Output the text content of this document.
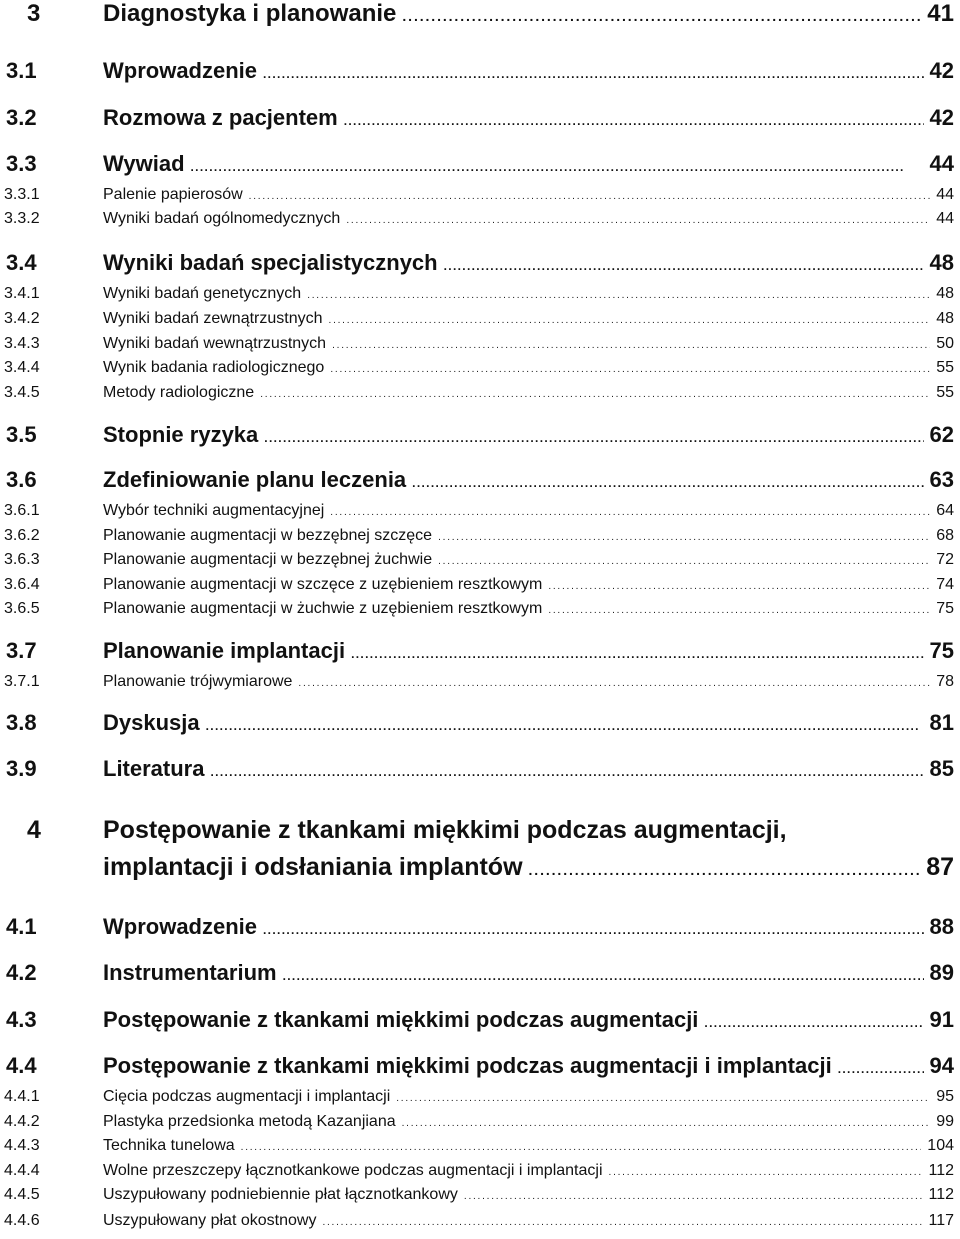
3	Diagnostyka i planowanie . . .	41
3.1	Wprowadzenie . . .	42
3.2	Rozmowa z pacjentem . . .	42
3.3	Wywiad . . .	44
3.3.1	Palenie papierosów . . .	44
3.3.2	Wyniki badań ogólnomedycznych . . .	44
3.4	Wyniki badań specjalistycznych . . .	48
3.4.1	Wyniki badań genetycznych . . .	48
3.4.2	Wyniki badań zewnątrzustnych . . .	48
3.4.3	Wyniki badań wewnątrzustnych . . .	50
3.4.4	Wynik badania radiologicznego . . .	55
3.4.5	Metody radiologiczne . . .	55
3.5	Stopnie ryzyka . . .	62
3.6	Zdefiniowanie planu leczenia . . .	63
3.6.1	Wybór techniki augmentacyjnej . . .	64
3.6.2	Planowanie augmentacji w bezzębnej szczęce . . .	68
3.6.3	Planowanie augmentacji w bezzębnej żuchwie . . .	72
3.6.4	Planowanie augmentacji w szczęce z uzębieniem resztkowym . . .	74
3.6.5	Planowanie augmentacji w żuchwie z uzębieniem resztkowym . . .	75
3.7	Planowanie implantacji . . .	75
3.7.1	Planowanie trójwymiarowe . . .	78
3.8	Dyskusja . . .	81
3.9	Literatura . . .	85
4 Postępowanie z tkankami miękkimi podczas augmentacji,
implantacji i odsłaniania implantów . . .	87
4.1	Wprowadzenie . . .	88
4.2	Instrumentarium . . .	89
4.3	Postępowanie z tkankami miękkimi podczas augmentacji . . .	91
4.4	Postępowanie z tkankami miękkimi podczas augmentacji i implantacji . . .	94
4.4.1	Cięcia podczas augmentacji i implantacji . . .	95
4.4.2	Plastyka przedsionka metodą Kazanjiana . . .	99
4.4.3	Technika tunelowa . . .	104
4.4.4	Wolne przeszczepy łącznotkankowe podczas augmentacji i implantacji . . .	112
4.4.5	Uszypułowany podniebiennie płat łącznotkankowy . . .	112
4.4.6	Uszypułowany płat okostnowy . . .	117
